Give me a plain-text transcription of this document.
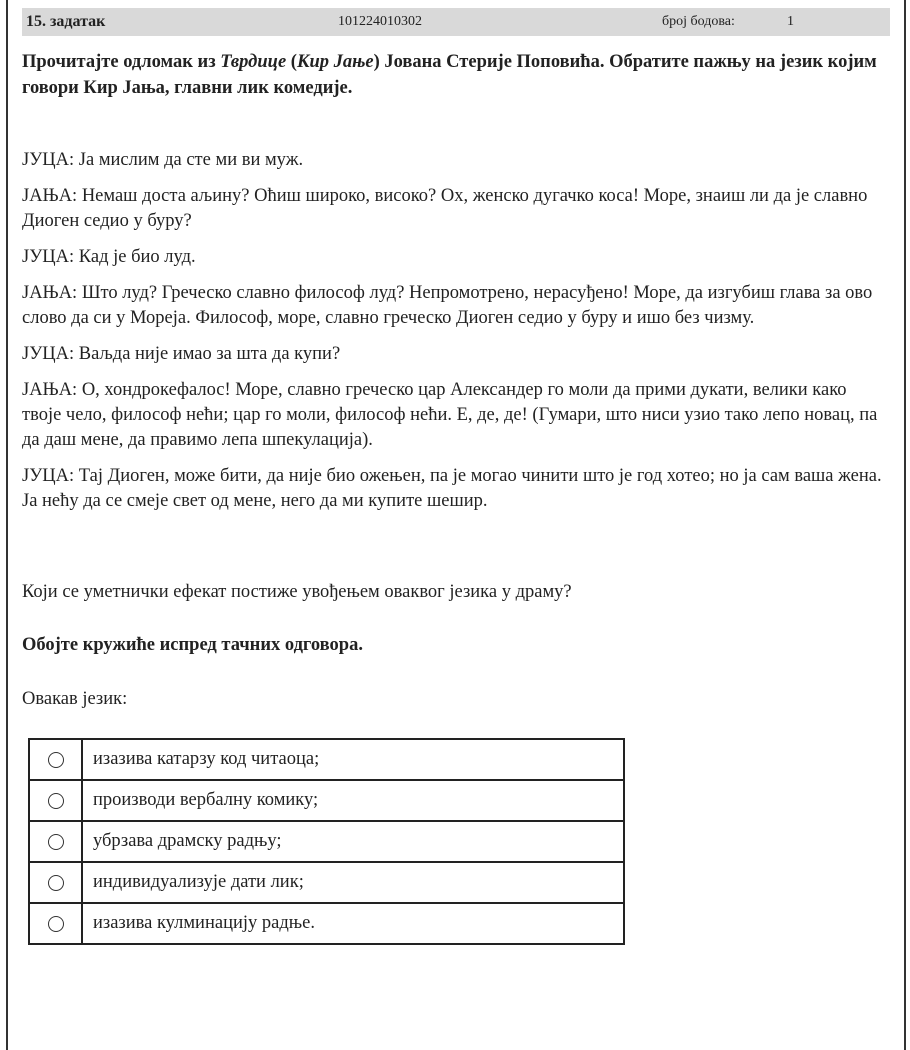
15. задатак	101224010302	број бодова:	1
Прочитајте одломак из Тврдице (Кир Јање) Јована Стерије Поповића. Обратите пажњу на језик којим говори Кир Јања, главни лик комедије.

ЈУЦА: Ја мислим да сте ми ви муж.

ЈАЊА: Немаш доста аљину? Оћиш широко, високо? Ох, женско дугачко коса! Море, знаиш ли да је славно Диоген седио у буру?

ЈУЦА: Кад је био луд.

ЈАЊА: Што луд? Греческо славно философ луд? Непромотрено, нерасуђено! Море, да изгубиш глава за ово слово да си у Мореја. Философ, море, славно греческо Диоген седио у буру и ишо без чизму.

ЈУЦА: Ваљда није имао за шта да купи?

ЈАЊА: О, хондрокефалос! Море, славно греческо цар Александер го моли да прими дукати, велики како твоје чело, философ нећи; цар го моли, философ нећи. Е, де, де! (Гумари, што ниси узио тако лепо новац, па да даш мене, да правимо лепа шпекулација).

ЈУЦА: Тај Диоген, може бити, да није био ожењен, па је могао чинити што је год хотео; но ја сам ваша жена. Ја нећу да се смеје свет од мене, него да ми купите шешир.

Који се уметнички ефекат постиже увођењем оваквог језика у драму?
Обојте кружиће испред тачних одговора.
Овакав језик:
	изазива катарзу код читаоца;
	производи вербалну комику;
	убрзава драмску радњу;
	индивидуализује дати лик;
	изазива кулминацију радње.
